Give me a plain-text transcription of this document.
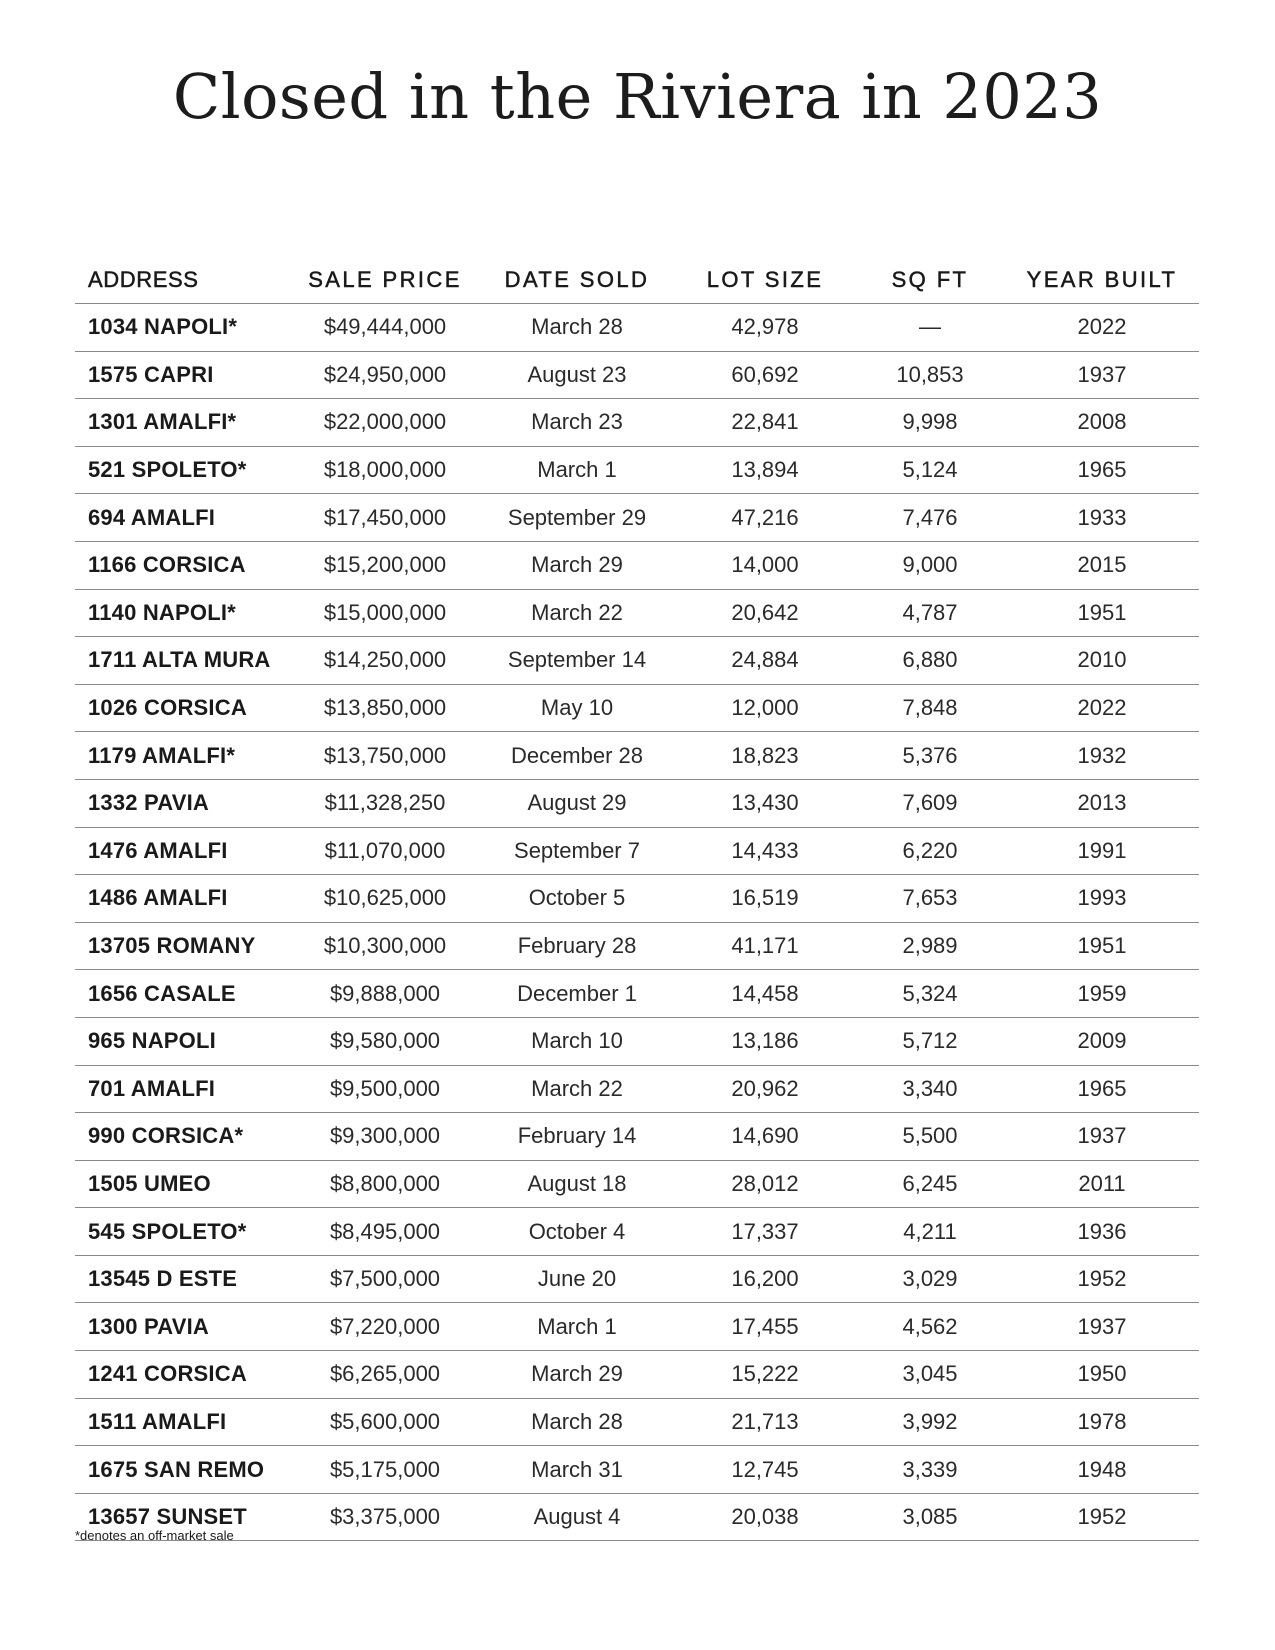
Closed in the Riviera in 2023
ADDRESS	SALE PRICE	DATE SOLD	LOT SIZE	SQ FT	YEAR BUILT
1034 NAPOLI*	$49,444,000	March 28	42,978	—	2022
1575 CAPRI	$24,950,000	August 23	60,692	10,853	1937
1301 AMALFI*	$22,000,000	March 23	22,841	9,998	2008
521 SPOLETO*	$18,000,000	March 1	13,894	5,124	1965
694 AMALFI	$17,450,000	September 29	47,216	7,476	1933
1166 CORSICA	$15,200,000	March 29	14,000	9,000	2015
1140 NAPOLI*	$15,000,000	March 22	20,642	4,787	1951
1711 ALTA MURA	$14,250,000	September 14	24,884	6,880	2010
1026 CORSICA	$13,850,000	May 10	12,000	7,848	2022
1179 AMALFI*	$13,750,000	December 28	18,823	5,376	1932
1332 PAVIA	$11,328,250	August 29	13,430	7,609	2013
1476 AMALFI	$11,070,000	September 7	14,433	6,220	1991
1486 AMALFI	$10,625,000	October 5	16,519	7,653	1993
13705 ROMANY	$10,300,000	February 28	41,171	2,989	1951
1656 CASALE	$9,888,000	December 1	14,458	5,324	1959
965 NAPOLI	$9,580,000	March 10	13,186	5,712	2009
701 AMALFI	$9,500,000	March 22	20,962	3,340	1965
990 CORSICA*	$9,300,000	February 14	14,690	5,500	1937
1505 UMEO	$8,800,000	August 18	28,012	6,245	2011
545 SPOLETO*	$8,495,000	October 4	17,337	4,211	1936
13545 D ESTE	$7,500,000	June 20	16,200	3,029	1952
1300 PAVIA	$7,220,000	March 1	17,455	4,562	1937
1241 CORSICA	$6,265,000	March 29	15,222	3,045	1950
1511 AMALFI	$5,600,000	March 28	21,713	3,992	1978
1675 SAN REMO	$5,175,000	March 31	12,745	3,339	1948
13657 SUNSET	$3,375,000	August 4	20,038	3,085	1952
*denotes an off-market sale
